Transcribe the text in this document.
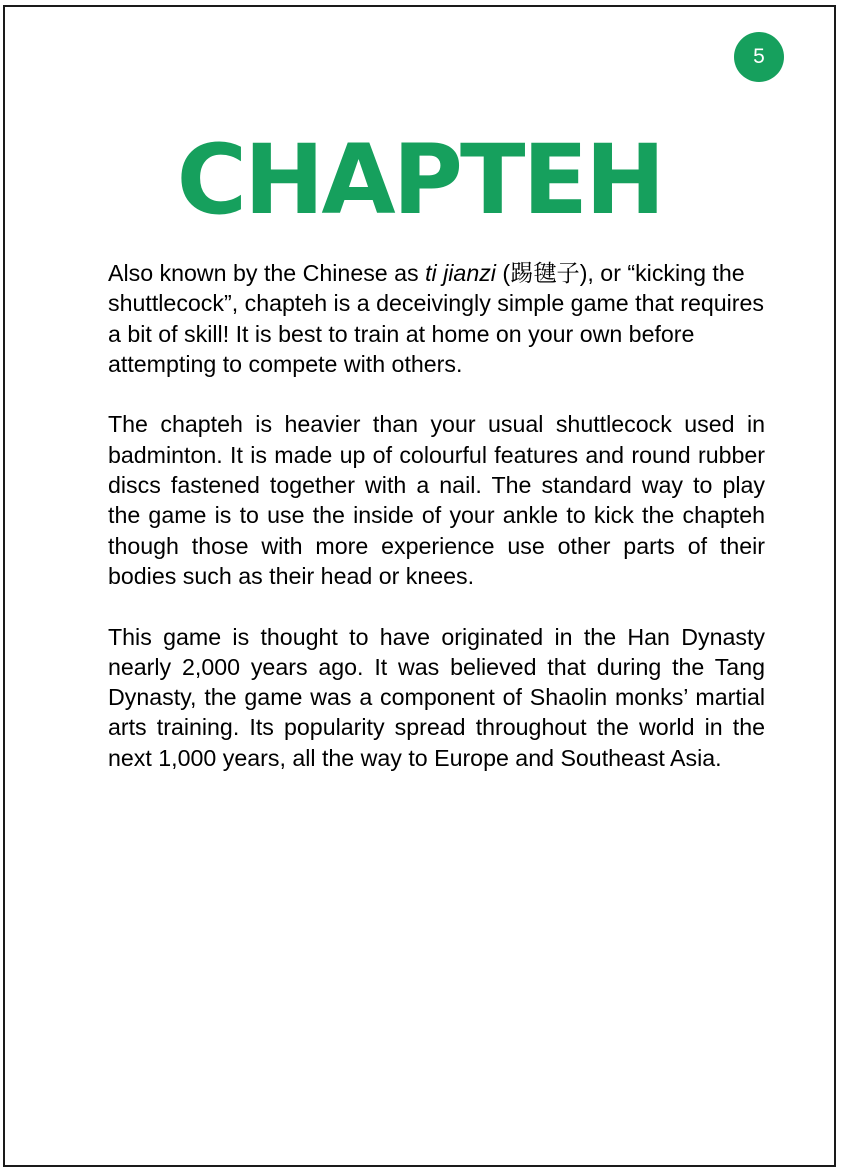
5
CHAPTEH

Also known by the Chinese as ti jianzi (踢毽子), or “kicking the shuttlecock”, chapteh is a deceivingly simple game that requires a bit of skill! It is best to train at home on your own before attempting to compete with others.

The chapteh is heavier than your usual shuttlecock used in badminton. It is made up of colourful features and round rubber discs fastened together with a nail. The standard way to play the game is to use the inside of your ankle to kick the chapteh though those with more experience use other parts of their bodies such as their head or knees.

This game is thought to have originated in the Han Dynasty nearly 2,000 years ago. It was believed that during the Tang Dynasty, the game was a component of Shaolin monks’ martial arts training. Its popularity spread throughout the world in the next 1,000 years, all the way to Europe and Southeast Asia.
